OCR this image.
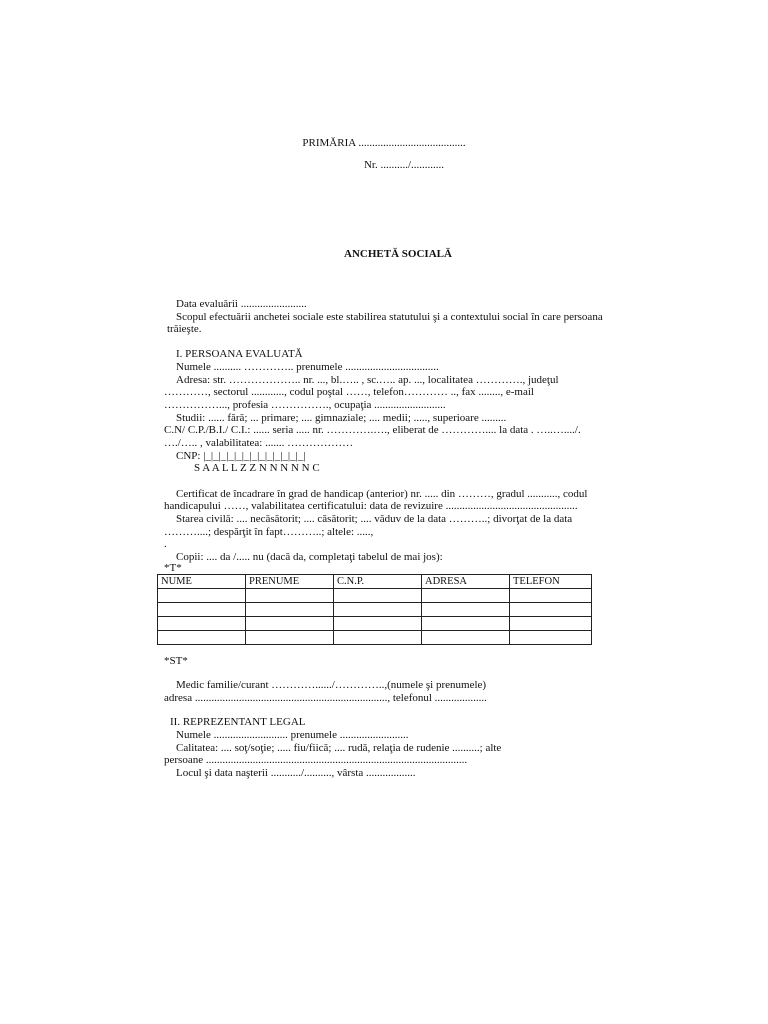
PRIMĂRIA .......................................
Nr. ........../............
ANCHETĂ SOCIALĂ
Data evaluării ........................
Scopul efectuării anchetei sociale este stabilirea statutului şi a contextului social în care persoana
trăieşte.
I. PERSOANA EVALUATĂ
Numele .......... ………….. prenumele ..................................
Adresa: str. ……………….. nr. ..., bl.….. , sc.….. ap. ..., localitatea …………., judeţul
…………, sectorul ............, codul poştal ……, telefon………… .., fax ........, e-mail
……………..., profesia ……………., ocupaţia ..........................
Studii: ...... fără; ... primare; .... gimnaziale; .... medii; ....., superioare .........
C.N/ C.P./B.I./ C.I.: ...... seria ..... nr. ………….…., eliberat de ………….... la data . …..…..../.
…./….. , valabilitatea: ....... ………………
CNP: |_|_|_|_|_|_|_|_|_|_|_|_|_|
S A A L L Z Z N N N N N C
Certificat de încadrare în grad de handicap (anterior) nr. ..... din ………, gradul ..........., codul
handicapului ……, valabilitatea certificatului: data de revizuire ................................................
Starea civilă: .... necăsătorit; .... căsătorit; .... văduv de la data ………..; divorţat de la data
………....; despărţit în fapt………..; altele: .....,
.
Copii: .... da /..... nu (dacă da, completaţi tabelul de mai jos):
*T*
NUME	PRENUME	C.N.P.	ADRESA	TELEFON

*ST*
Medic familie/curant …………....../…………..,(numele şi prenumele)
adresa ......................................................................, telefonul ...................
II. REPREZENTANT LEGAL
Numele ........................... prenumele .........................
Calitatea: .... soţ/soţie; ..... fiu/fiică; .... rudă, relaţia de rudenie ..........; alte
persoane ...............................................................................................
Locul şi data naşterii .........../.........., vârsta ..................
